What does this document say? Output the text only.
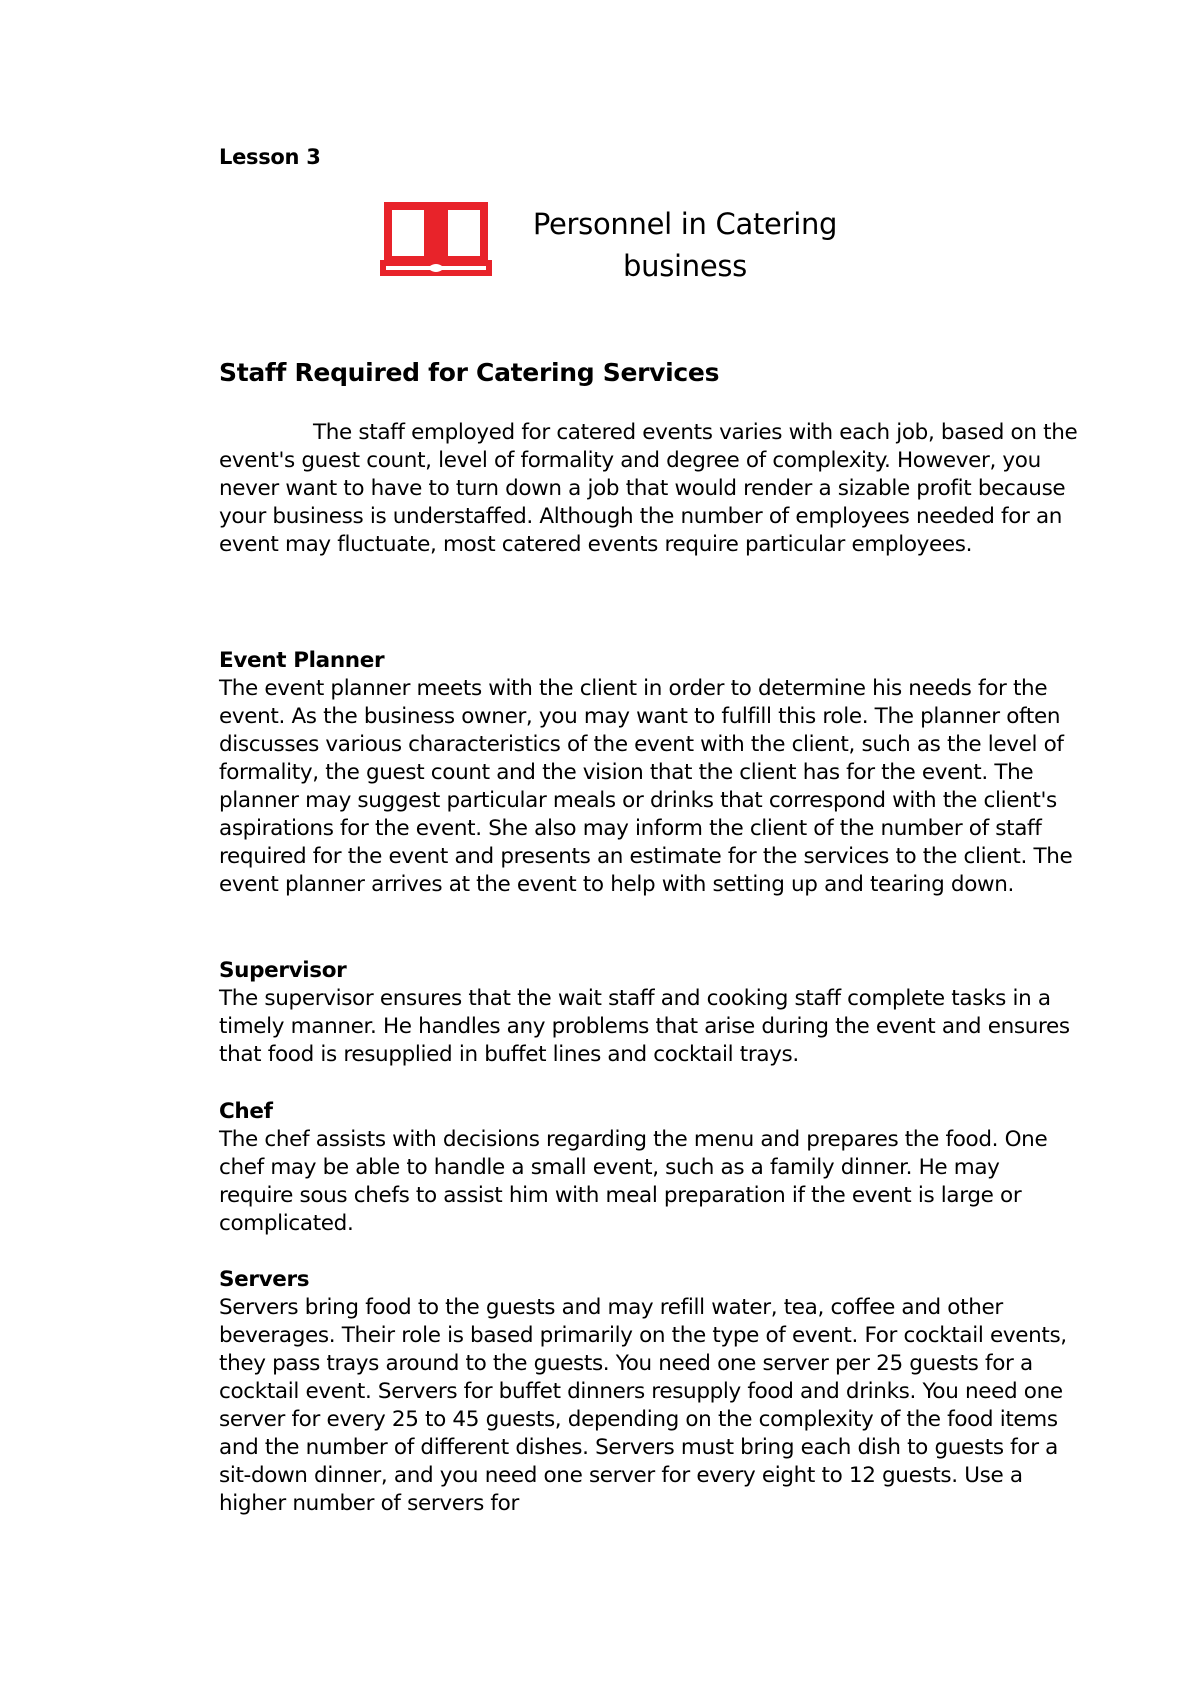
Lesson 3
Personnel in Catering
business
Staff Required for Catering Services

The staff employed for catered events varies with each job, based on the event's guest count, level of formality and degree of complexity. However, you never want to have to turn down a job that would render a sizable profit because your business is understaffed. Although the number of employees needed for an event may fluctuate, most catered events require particular employees.

Event Planner

The event planner meets with the client in order to determine his needs for the event. As the business owner, you may want to fulfill this role. The planner often discusses various characteristics of the event with the client, such as the level of formality, the guest count and the vision that the client has for the event. The planner may suggest particular meals or drinks that correspond with the client's aspirations for the event. She also may inform the client of the number of staff required for the event and presents an estimate for the services to the client. The event planner arrives at the event to help with setting up and tearing down.

Supervisor

The supervisor ensures that the wait staff and cooking staff complete tasks in a timely manner. He handles any problems that arise during the event and ensures that food is resupplied in buffet lines and cocktail trays.

Chef

The chef assists with decisions regarding the menu and prepares the food. One chef may be able to handle a small event, such as a family dinner. He may require sous chefs to assist him with meal preparation if the event is large or complicated.

Servers

Servers bring food to the guests and may refill water, tea, coffee and other beverages. Their role is based primarily on the type of event. For cocktail events, they pass trays around to the guests. You need one server per 25 guests for a cocktail event. Servers for buffet dinners resupply food and drinks. You need one server for every 25 to 45 guests, depending on the complexity of the food items and the number of different dishes. Servers must bring each dish to guests for a sit-down dinner, and you need one server for every eight to 12 guests. Use a higher number of servers for
